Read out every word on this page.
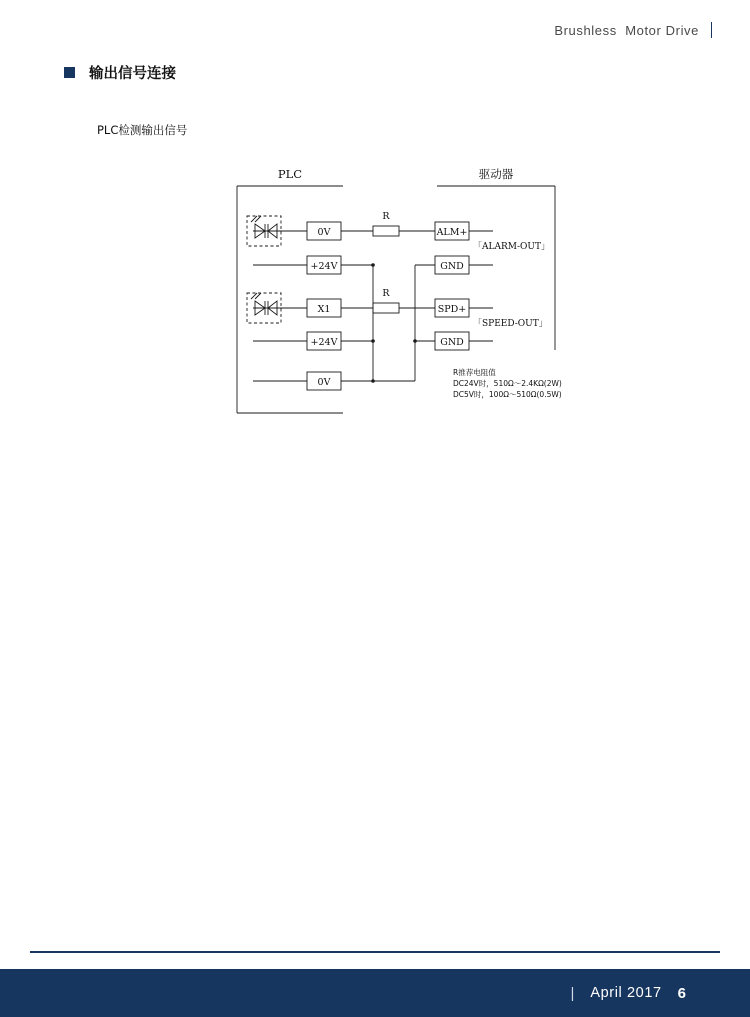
Brushless  Motor Drive
输出信号连接
PLC检测输出信号
PLC	驱动器
0V
+24V
X1
+24V
0V
ALM+
GND
SPD+
GND
R
R
「ALARM-OUT」
「SPEED-OUT」
R推荐电阻值
DC24V时，510Ω～2.4KΩ(2W)
DC5V时，100Ω～510Ω(0.5W)
| April 2017 6
